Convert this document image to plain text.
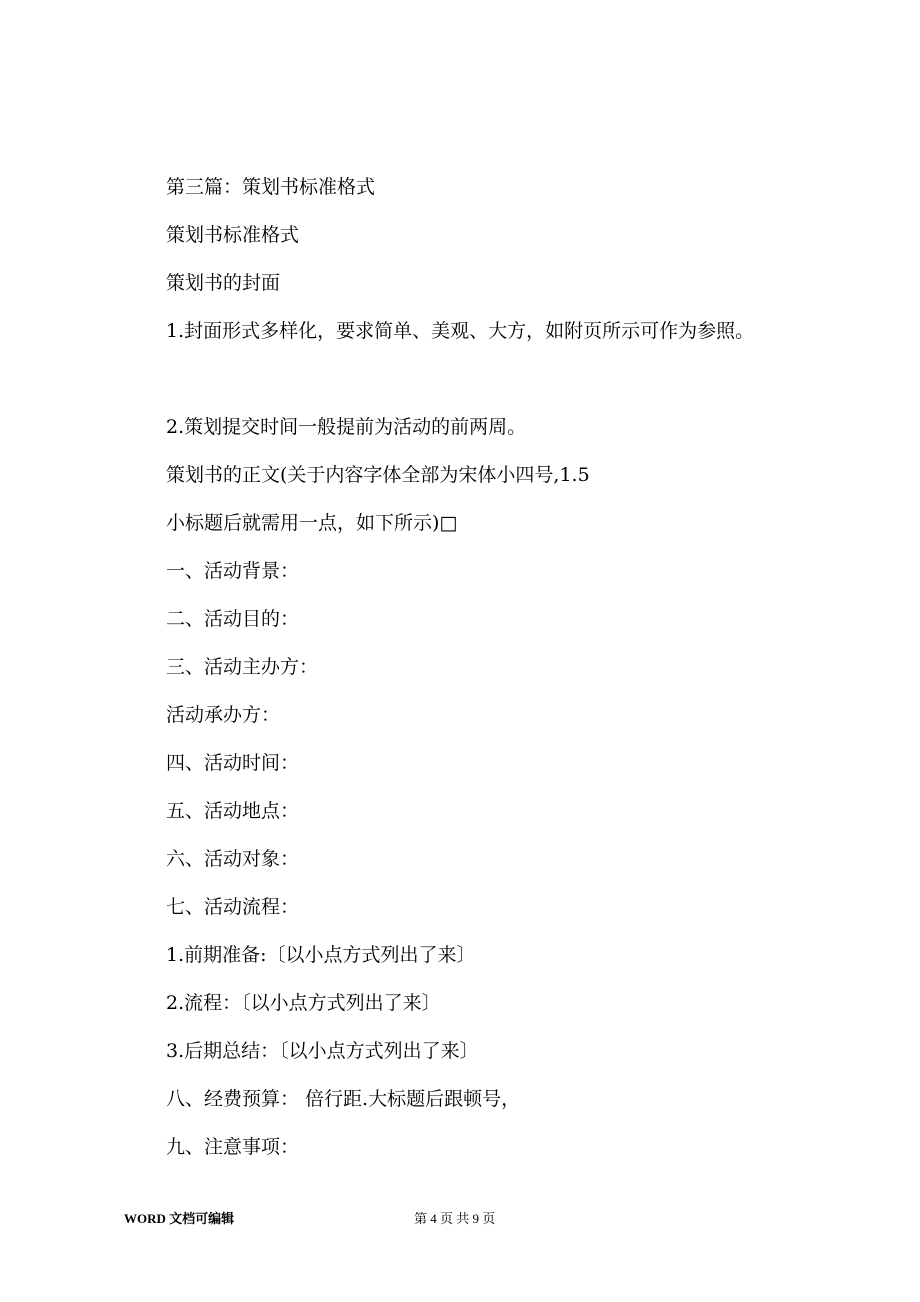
第三篇：策划书标准格式
策划书标准格式
策划书的封面
1.封面形式多样化，要求简单、美观、大方，如附页所示可作为参照。
2.策划提交时间一般提前为活动的前两周。
策划书的正文(关于内容字体全部为宋体小四号,1.5
小标题后就需用一点，如下所示)□
一、活动背景：
二、活动目的：
三、活动主办方：
活动承办方：
四、活动时间：
五、活动地点：
六、活动对象：
七、活动流程：
1.前期准备:〔以小点方式列出了来〕
2.流程：〔以小点方式列出了来〕
3.后期总结：〔以小点方式列出了来〕
八、经费预算： 倍行距.大标题后跟顿号，
九、注意事项：
WORD 文档可编辑	第 4 页 共 9 页
